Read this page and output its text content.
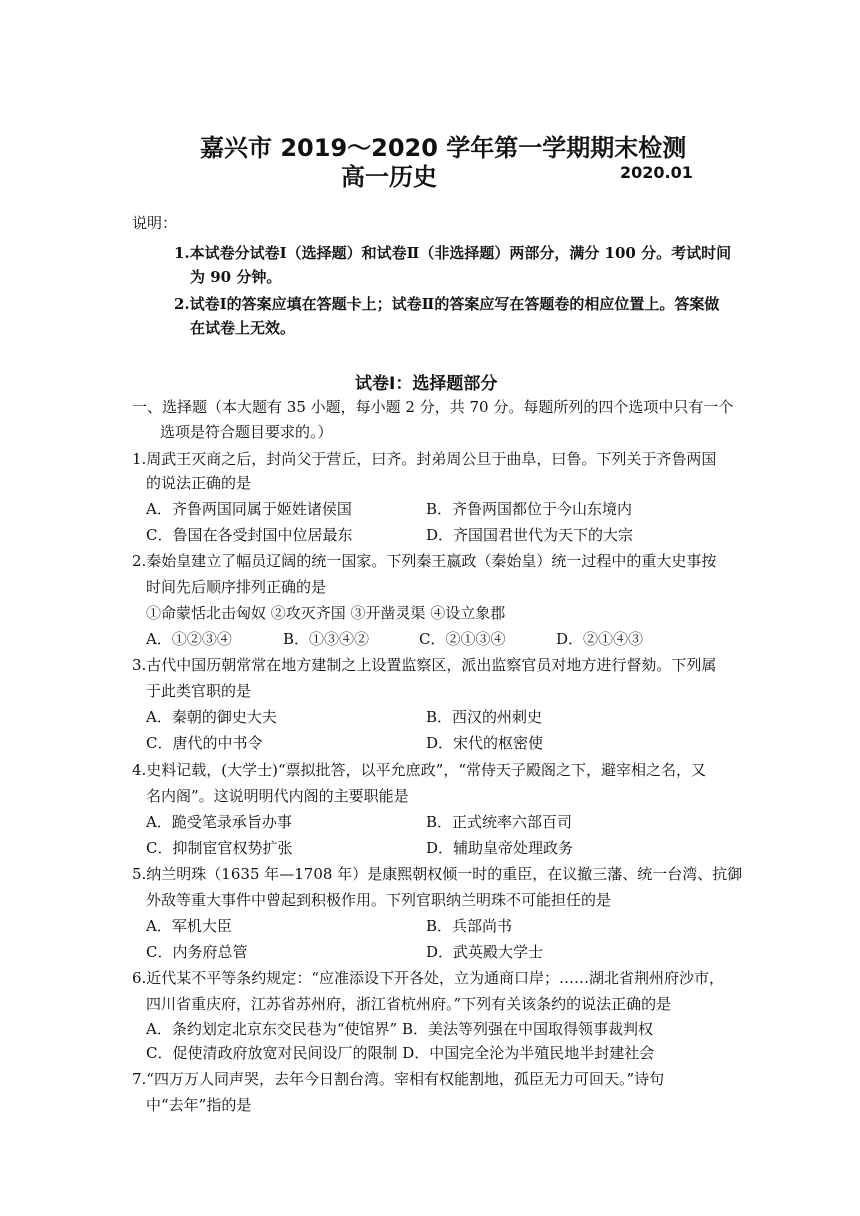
嘉兴市 2019～2020 学年第一学期期末检测
高一历史	2020.01
说明：
1.本试卷分试卷Ⅰ（选择题）和试卷Ⅱ（非选择题）两部分，满分 100 分。考试时间
为 90 分钟。
2.试卷Ⅰ的答案应填在答题卡上；试卷Ⅱ的答案应写在答题卷的相应位置上。答案做
在试卷上无效。
试卷Ⅰ：选择题部分
一、选择题（本大题有 35 小题，每小题 2 分，共 70 分。每题所列的四个选项中只有一个
选项是符合题目要求的。）
1.周武王灭商之后，封尚父于营丘，曰齐。封弟周公旦于曲阜，曰鲁。下列关于齐鲁两国
的说法正确的是
A．齐鲁两国同属于姬姓诸侯国	B．齐鲁两国都位于今山东境内
C．鲁国在各受封国中位居最东	D．齐国国君世代为天下的大宗
2.秦始皇建立了幅员辽阔的统一国家。下列秦王嬴政（秦始皇）统一过程中的重大史事按
时间先后顺序排列正确的是
①命蒙恬北击匈奴 ②攻灭齐国 ③开凿灵渠 ④设立象郡
A．①②③④	B．①③④②	C．②①③④	D．②①④③
3.古代中国历朝常常在地方建制之上设置监察区，派出监察官员对地方进行督劾。下列属
于此类官职的是
A．秦朝的御史大夫	B．西汉的州刺史
C．唐代的中书令	D．宋代的枢密使
4.史料记载，(大学士)“票拟批答，以平允庶政”，“常侍天子殿阁之下，避宰相之名，又
名内阁”。这说明明代内阁的主要职能是
A．跪受笔录承旨办事	B．正式统率六部百司
C．抑制宦官权势扩张	D．辅助皇帝处理政务
5.纳兰明珠（1635 年—1708 年）是康熙朝权倾一时的重臣，在议撤三藩、统一台湾、抗御
外敌等重大事件中曾起到积极作用。下列官职纳兰明珠不可能担任的是
A．军机大臣	B．兵部尚书
C．内务府总管	D．武英殿大学士
6.近代某不平等条约规定：“应准添设下开各处，立为通商口岸；……湖北省荆州府沙市，
四川省重庆府，江苏省苏州府，浙江省杭州府。”下列有关该条约的说法正确的是
A．条约划定北京东交民巷为“使馆界” B．美法等列强在中国取得领事裁判权
C．促使清政府放宽对民间设厂的限制 D．中国完全沦为半殖民地半封建社会
7.“四万万人同声哭，去年今日割台湾。宰相有权能割地，孤臣无力可回天。”诗句
中“去年”指的是
